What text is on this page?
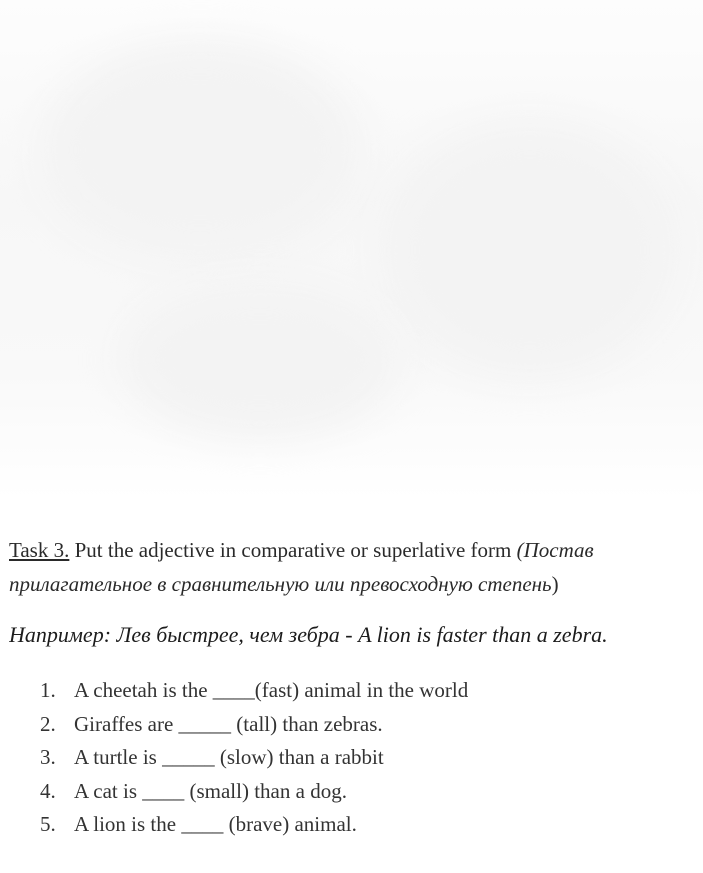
Task 3. Put the adjective in comparative or superlative form (Постав
прилагательное в сравнительную или превосходную степень)
Например: Лев быстрее, чем зебра - A lion is faster than a zebra.
1. A cheetah is the ____(fast) animal in the world
2. Giraffes are _____ (tall) than zebras.
3. A turtle is _____ (slow) than a rabbit
4. A cat is ____ (small) than a dog.
5. A lion is the ____ (brave) animal.
